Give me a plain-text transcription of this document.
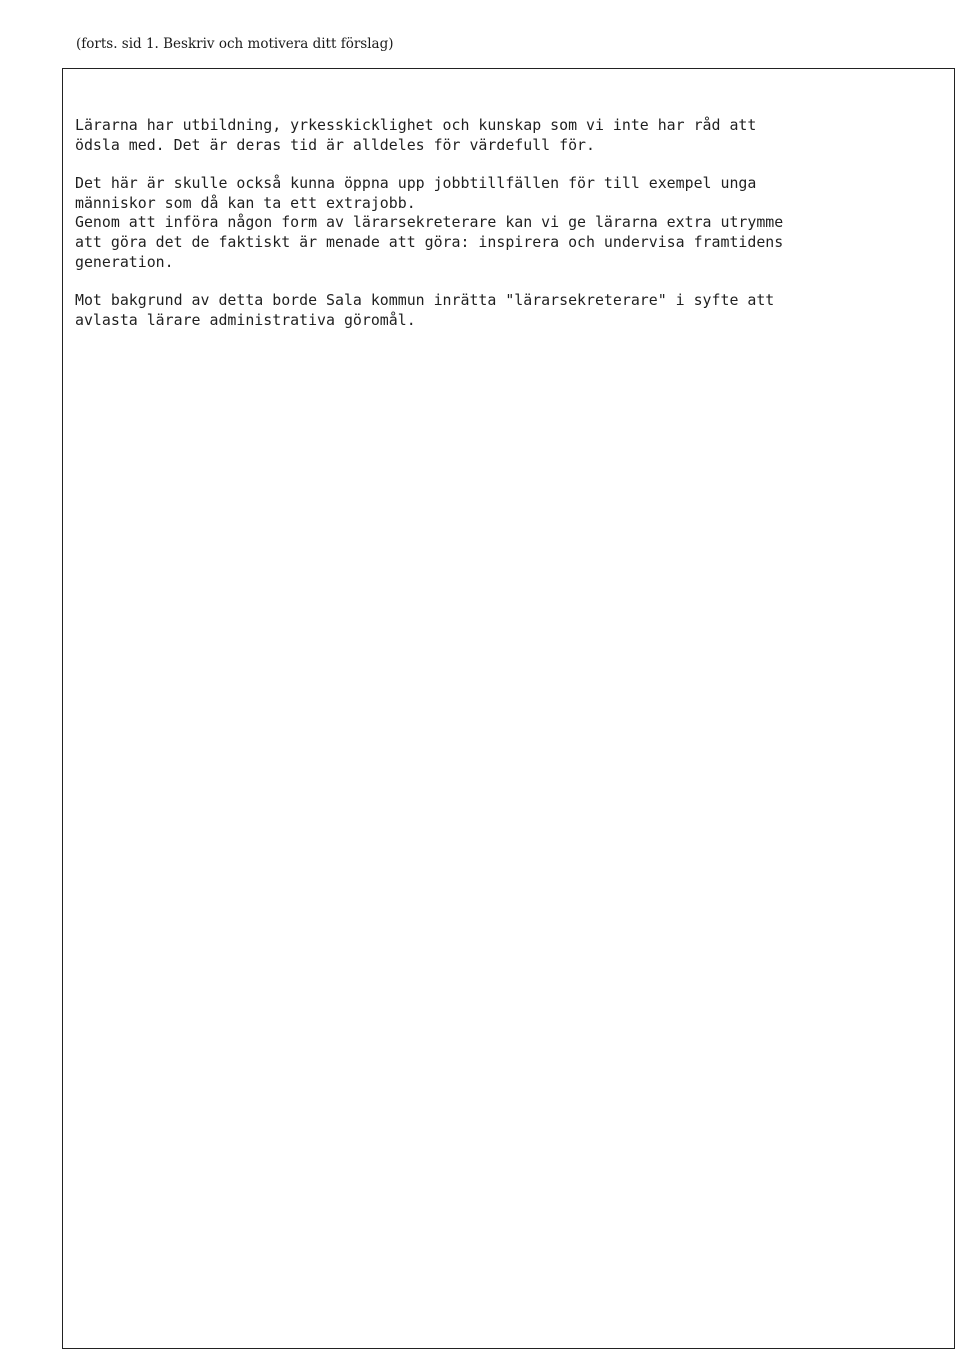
(forts. sid 1. Beskriv och motivera ditt förslag)
Lärarna har utbildning, yrkesskicklighet och kunskap som vi inte har råd att
ödsla med. Det är deras tid är alldeles för värdefull för.
Det här är skulle också kunna öppna upp jobbtillfällen för till exempel unga
människor som då kan ta ett extrajobb.
Genom att införa någon form av lärarsekreterare kan vi ge lärarna extra utrymme
att göra det de faktiskt är menade att göra: inspirera och undervisa framtidens
generation.
Mot bakgrund av detta borde Sala kommun inrätta "lärarsekreterare" i syfte att
avlasta lärare administrativa göromål.
